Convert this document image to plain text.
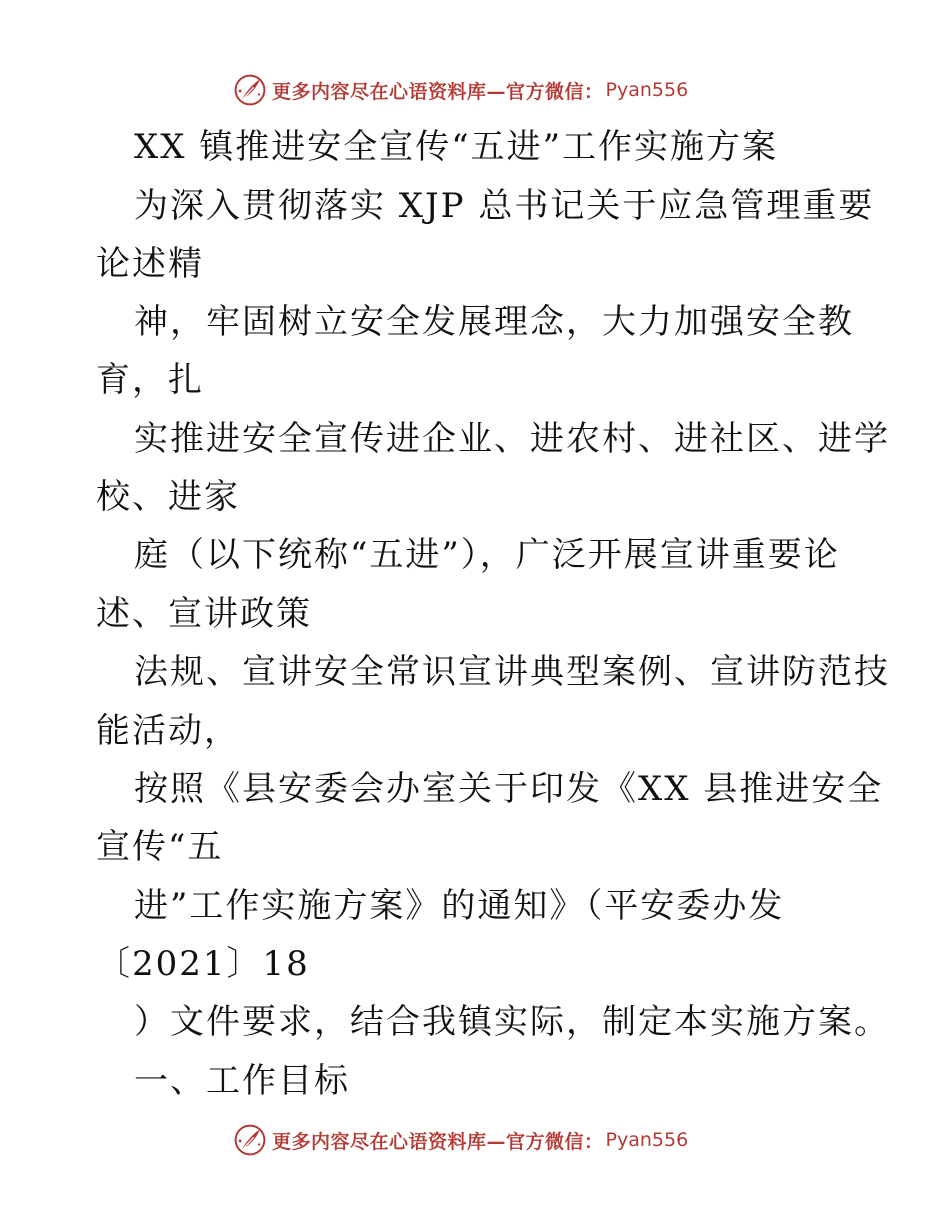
更多内容尽在心语资料库—官方微信： Pyan556
XX 镇推进安全宣传“五进”工作实施方案
为深入贯彻落实 XJP 总书记关于应急管理重要
论述精
神，牢固树立安全发展理念，大力加强安全教
育，扎
实推进安全宣传进企业、进农村、进社区、进学
校、进家
庭（以下统称“五进”），广泛开展宣讲重要论
述、宣讲政策
法规、宣讲安全常识宣讲典型案例、宣讲防范技
能活动，
按照《县安委会办室关于印发《XX 县推进安全
宣传“五
进”工作实施方案》的通知》（平安委办发
〔2021〕18
）文件要求，结合我镇实际，制定本实施方案。
一、工作目标
更多内容尽在心语资料库—官方微信： Pyan556
